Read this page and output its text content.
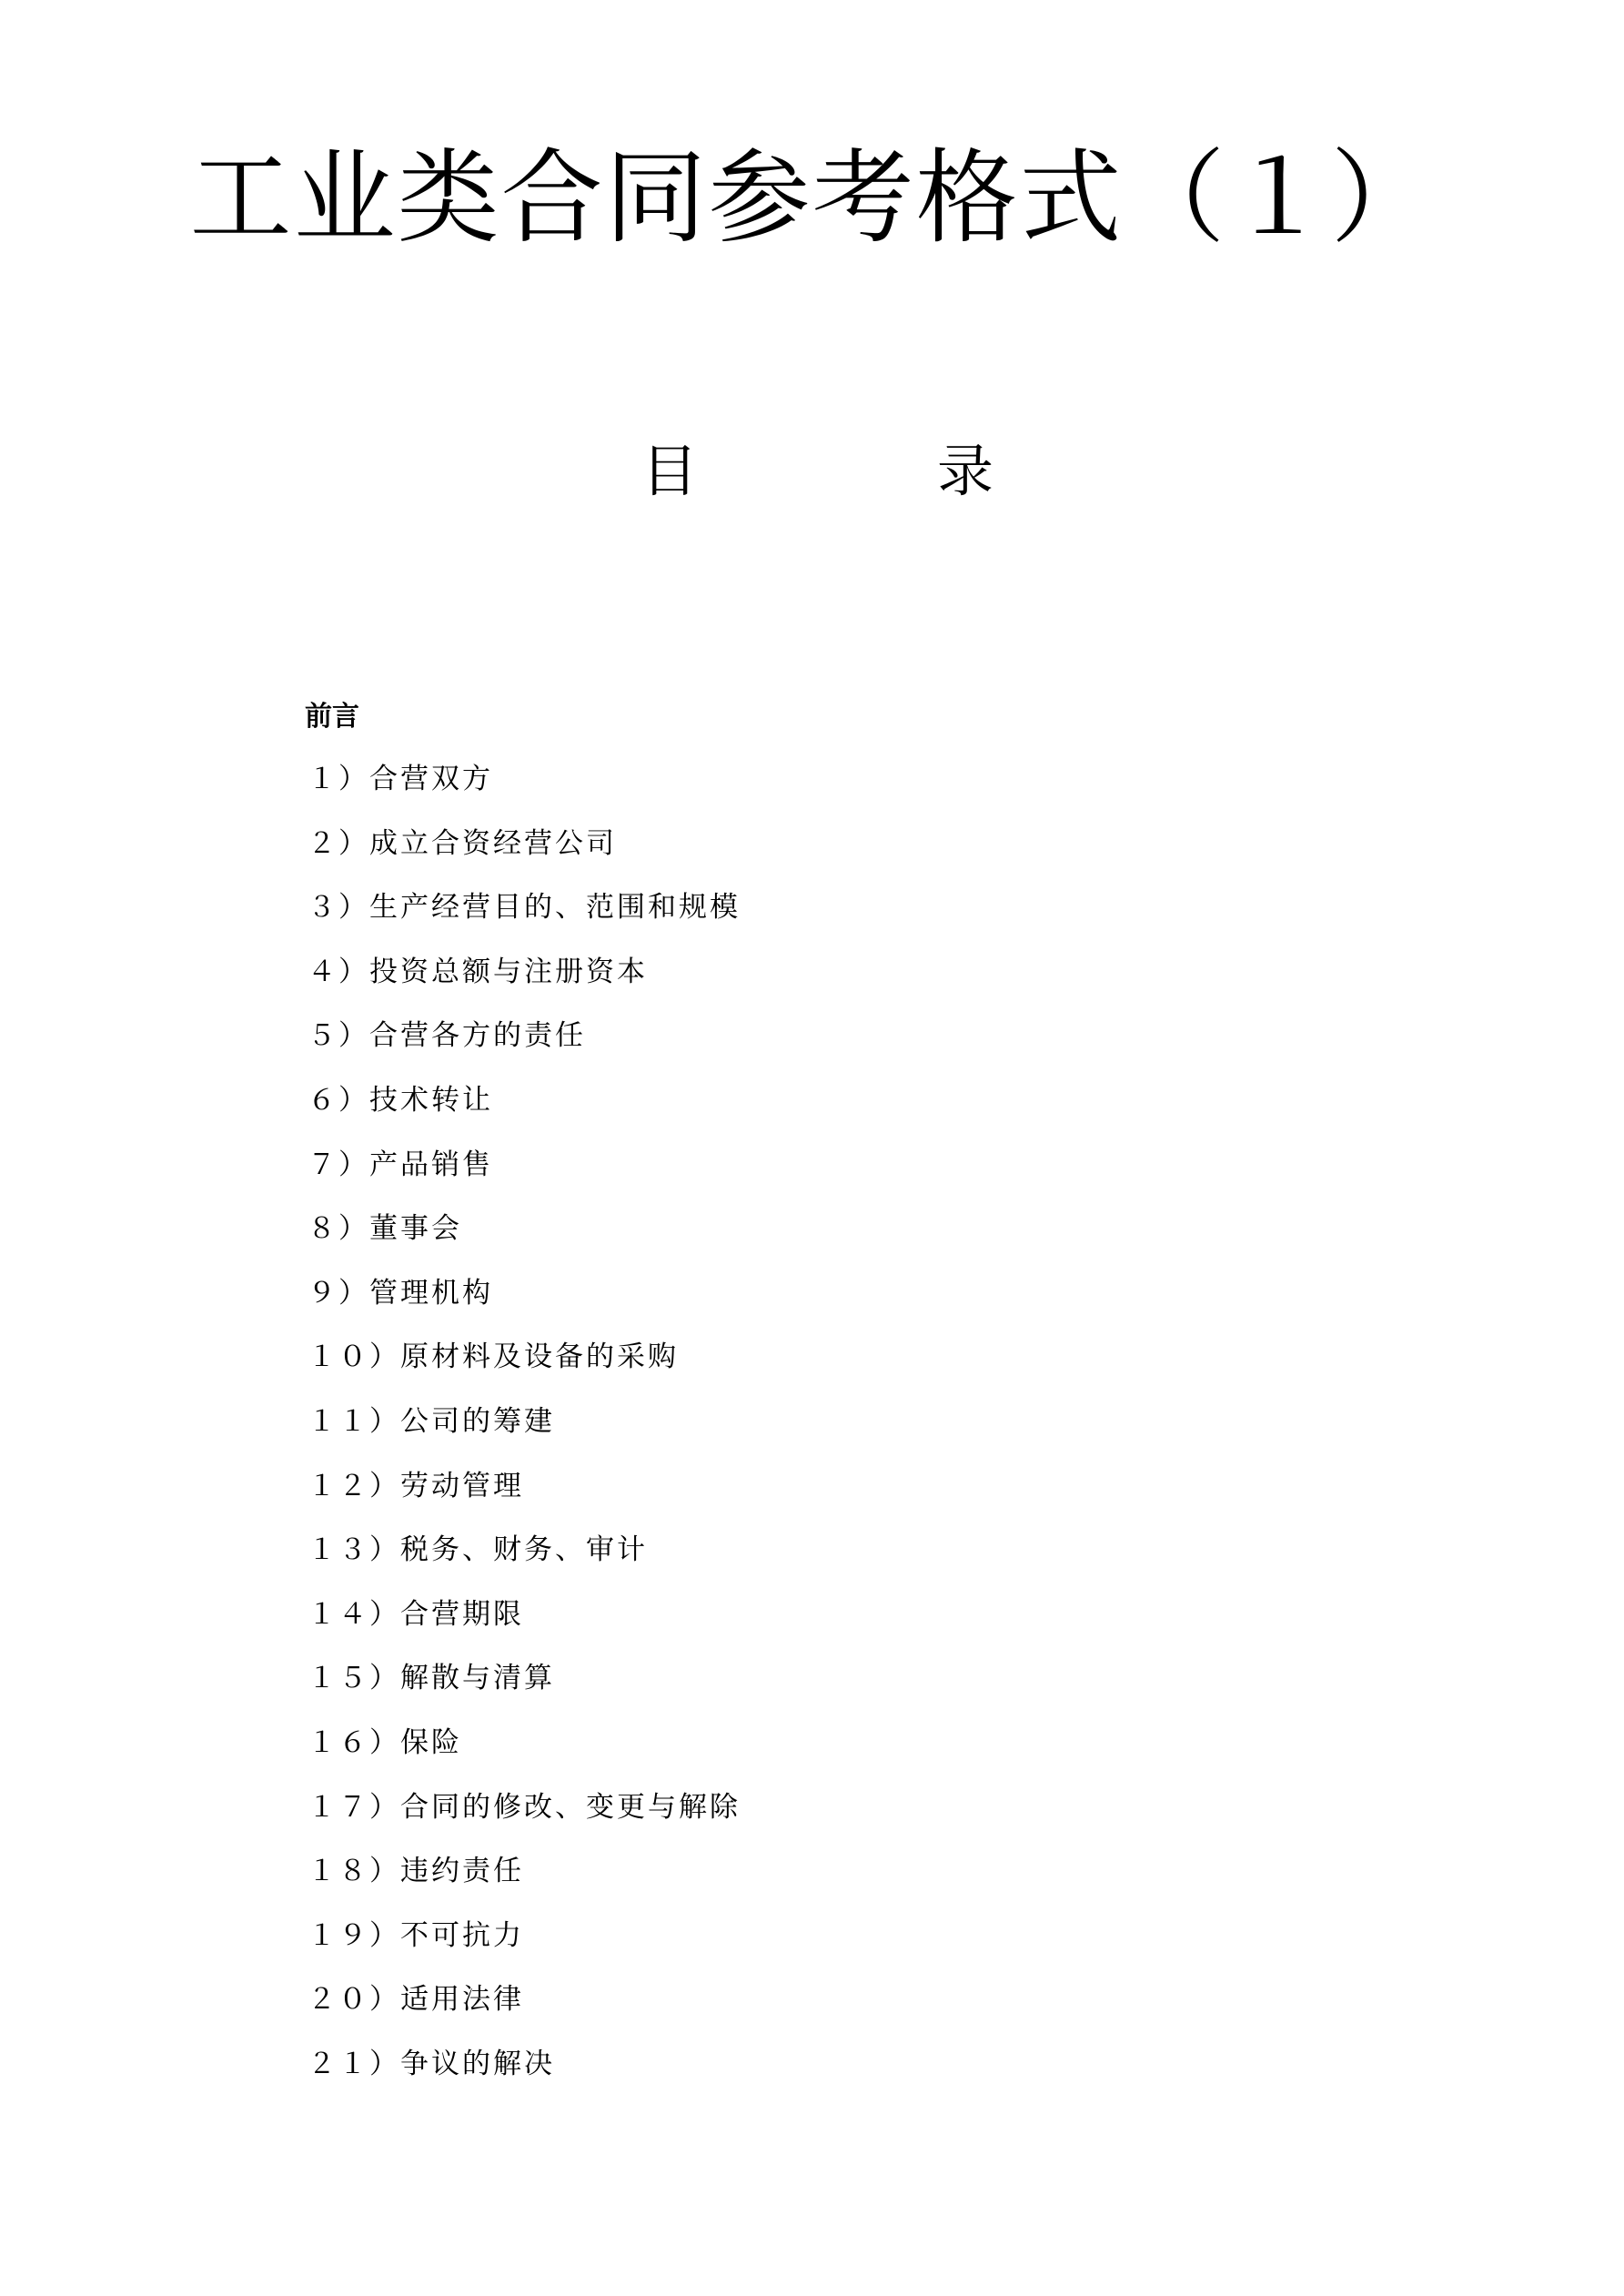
工业类合同参考格式（１）
目	录
前言
１）合营双方
２）成立合资经营公司
３）生产经营目的、范围和规模
４）投资总额与注册资本
５）合营各方的责任
６）技术转让
７）产品销售
８）董事会
９）管理机构
１０）原材料及设备的采购
１１）公司的筹建
１２）劳动管理
１３）税务、财务、审计
１４）合营期限
１５）解散与清算
１６）保险
１７）合同的修改、变更与解除
１８）违约责任
１９）不可抗力
２０）适用法律
２１）争议的解决
